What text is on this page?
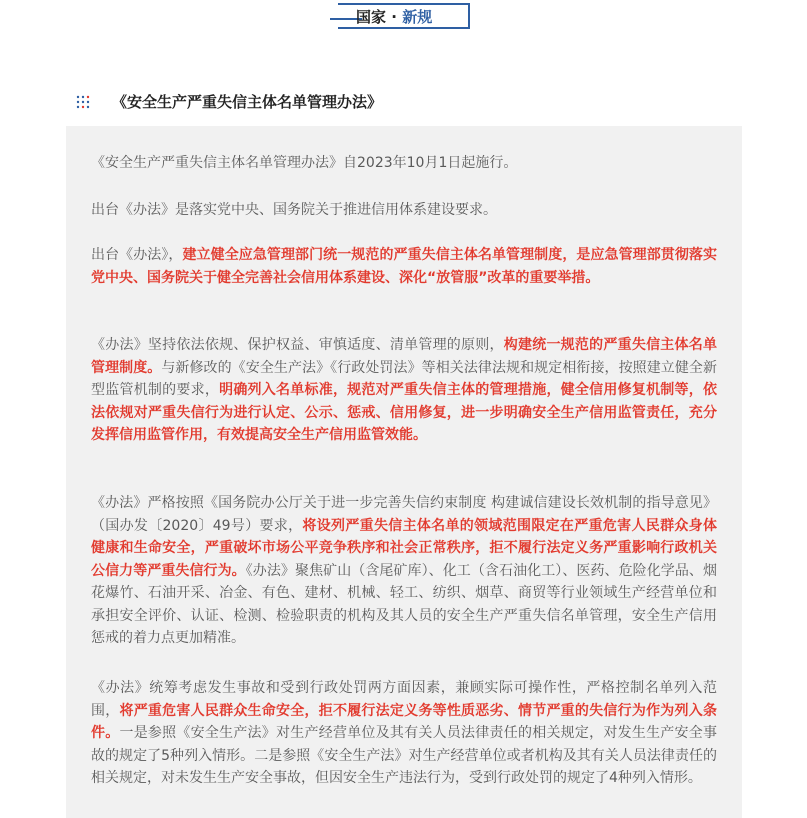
国家 · 新规
《安全生产严重失信主体名单管理办法》

《安全生产严重失信主体名单管理办法》自2023年10月1日起施行。

出台《办法》是落实党中央、国务院关于推进信用体系建设要求。

出台《办法》，建立健全应急管理部门统一规范的严重失信主体名单管理制度，是应急管理部贯彻落实党中央、国务院关于健全完善社会信用体系建设、深化“放管服”改革的重要举措。

《办法》坚持依法依规、保护权益、审慎适度、清单管理的原则，构建统一规范的严重失信主体名单管理制度。与新修改的《安全生产法》《行政处罚法》等相关法律法规和规定相衔接，按照建立健全新型监管机制的要求，明确列入名单标准，规范对严重失信主体的管理措施，健全信用修复机制等，依法依规对严重失信行为进行认定、公示、惩戒、信用修复，进一步明确安全生产信用监管责任，充分发挥信用监管作用，有效提高安全生产信用监管效能。

《办法》严格按照《国务院办公厅关于进一步完善失信约束制度 构建诚信建设长效机制的指导意见》（国办发〔2020〕49号）要求，将设列严重失信主体名单的领域范围限定在严重危害人民群众身体健康和生命安全，严重破坏市场公平竞争秩序和社会正常秩序，拒不履行法定义务严重影响行政机关公信力等严重失信行为。《办法》聚焦矿山（含尾矿库）、化工（含石油化工）、医药、危险化学品、烟花爆竹、石油开采、冶金、有色、建材、机械、轻工、纺织、烟草、商贸等行业领域生产经营单位和承担安全评价、认证、检测、检验职责的机构及其人员的安全生产严重失信名单管理，安全生产信用惩戒的着力点更加精准。

《办法》统筹考虑发生事故和受到行政处罚两方面因素，兼顾实际可操作性，严格控制名单列入范围，将严重危害人民群众生命安全，拒不履行法定义务等性质恶劣、情节严重的失信行为作为列入条件。一是参照《安全生产法》对生产经营单位及其有关人员法律责任的相关规定，对发生生产安全事故的规定了5种列入情形。二是参照《安全生产法》对生产经营单位或者机构及其有关人员法律责任的相关规定，对未发生生产安全事故，但因安全生产违法行为，受到行政处罚的规定了4种列入情形。
